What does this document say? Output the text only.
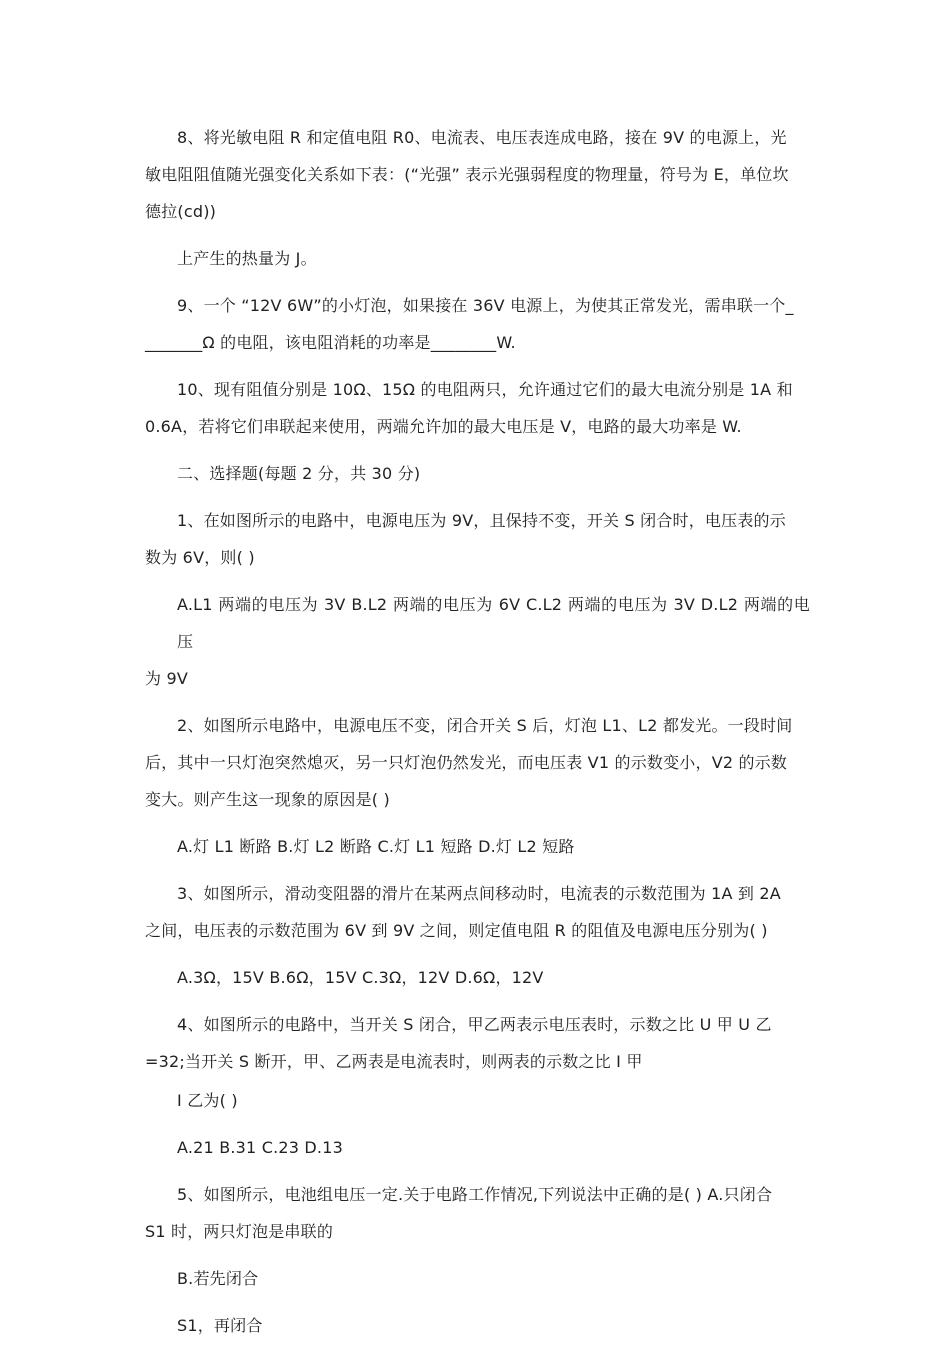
8、将光敏电阻 R 和定值电阻 R0、电流表、电压表连成电路，接在 9V 的电源上，光
敏电阻阻值随光强变化关系如下表：(“光强” 表示光强弱程度的物理量，符号为 E，单位坎
德拉(cd))

上产生的热量为 J。

9、一个 “12V 6W”的小灯泡，如果接在 36V 电源上，为使其正常发光，需串联一个_
_______Ω 的电阻，该电阻消耗的功率是________W.

10、现有阻值分别是 10Ω、15Ω 的电阻两只，允许通过它们的最大电流分别是 1A 和
0.6A，若将它们串联起来使用，两端允许加的最大电压是 V，电路的最大功率是 W.

二、选择题(每题 2 分，共 30 分)

1、在如图所示的电路中，电源电压为 9V，且保持不变，开关 S 闭合时，电压表的示
数为 6V，则( )

A.L1 两端的电压为 3V B.L2 两端的电压为 6V C.L2 两端的电压为 3V D.L2 两端的电压
为 9V

2、如图所示电路中，电源电压不变，闭合开关 S 后，灯泡 L1、L2 都发光。一段时间
后，其中一只灯泡突然熄灭，另一只灯泡仍然发光，而电压表 V1 的示数变小，V2 的示数
变大。则产生这一现象的原因是( )

A.灯 L1 断路 B.灯 L2 断路 C.灯 L1 短路 D.灯 L2 短路

3、如图所示，滑动变阻器的滑片在某两点间移动时，电流表的示数范围为 1A 到 2A
之间，电压表的示数范围为 6V 到 9V 之间，则定值电阻 R 的阻值及电源电压分别为( )

A.3Ω，15V B.6Ω，15V C.3Ω，12V D.6Ω，12V

4、如图所示的电路中，当开关 S 闭合，甲乙两表示电压表时，示数之比 U 甲 U 乙
=32;当开关 S 断开，甲、乙两表是电流表时，则两表的示数之比 I 甲

I 乙为( )

A.21 B.31 C.23 D.13

5、如图所示，电池组电压一定.关于电路工作情况,下列说法中正确的是( ) A.只闭合
S1 时，两只灯泡是串联的

B.若先闭合

S1，再闭合
